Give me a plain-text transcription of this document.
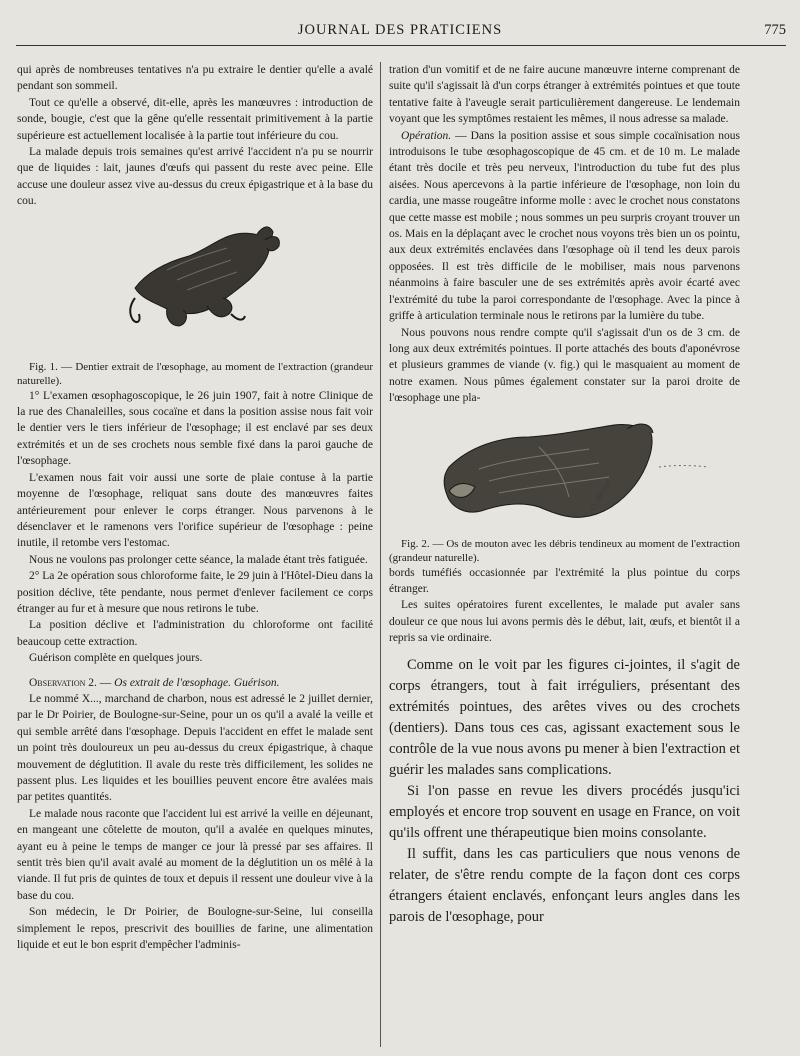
JOURNAL DES PRATICIENS	775

qui après de nombreuses tentatives n'a pu extraire le dentier qu'elle a avalé pendant son sommeil.

Tout ce qu'elle a observé, dit-elle, après les manœuvres : introduction de sonde, bougie, c'est que la gêne qu'elle ressentait primitivement à la partie supérieure est actuellement localisée à la partie tout inférieure du cou.

La malade depuis trois semaines qu'est arrivé l'accident n'a pu se nourrir que de liquides : lait, jaunes d'œufs qui passent du reste avec peine. Elle accuse une douleur assez vive au-dessus du creux épigastrique et à la base du cou.

Habiant

Fig. 1. — Dentier extrait de l'œsophage, au moment de l'extraction (grandeur naturelle).

1° L'examen œsophagoscopique, le 26 juin 1907, fait à notre Clinique de la rue des Chanaleilles, sous cocaïne et dans la position assise nous fait voir le dentier vers le tiers inférieur de l'œsophage; il est enclavé par ses deux extrémités et un de ses crochets nous semble fixé dans la paroi gauche de l'œsophage.

L'examen nous fait voir aussi une sorte de plaie contuse à la partie moyenne de l'œsophage, reliquat sans doute des manœuvres faites antérieurement pour enlever le corps étranger. Nous parvenons à le désenclaver et le ramenons vers l'orifice supérieur de l'œsophage : peine inutile, il retombe vers l'estomac.

Nous ne voulons pas prolonger cette séance, la malade étant très fatiguée.

2° La 2e opération sous chloroforme faite, le 29 juin à l'Hôtel-Dieu dans la position déclive, tête pendante, nous permet d'enlever facilement ce corps étranger au fur et à mesure que nous retirons le tube.

La position déclive et l'administration du chloroforme ont facilité beaucoup cette extraction.

Guérison complète en quelques jours.

Observation 2. — Os extrait de l'œsophage. Guérison.

Le nommé X..., marchand de charbon, nous est adressé le 2 juillet dernier, par le Dr Poirier, de Boulogne-sur-Seine, pour un os qu'il a avalé la veille et qui semble arrêté dans l'œsophage. Depuis l'accident en effet le malade sent un point très douloureux un peu au-dessus du creux épigastrique, à chaque mouvement de déglutition. Il avale du reste très difficilement, les solides ne passent plus. Les liquides et les bouillies peuvent encore être avalées mais par petites quantités.

Le malade nous raconte que l'accident lui est arrivé la veille en déjeunant, en mangeant une côtelette de mouton, qu'il a avalée en quelques minutes, ayant eu à peine le temps de manger ce jour là pressé par ses affaires. Il sentit très bien qu'il avait avalé au moment de la déglutition un os mêlé à la viande. Il fut pris de quintes de toux et depuis il ressent une douleur vive à la base du cou.

Son médecin, le Dr Poirier, de Boulogne-sur-Seine, lui conseilla simplement le repos, prescrivit des bouillies de farine, une alimentation liquide et eut le bon esprit d'empêcher l'adminis-

tration d'un vomitif et de ne faire aucune manœuvre interne comprenant de suite qu'il s'agissait là d'un corps étranger à extrémités pointues et que toute tentative faite à l'aveugle serait particulièrement dangereuse. Le lendemain voyant que les symptômes restaient les mêmes, il nous adresse sa malade.

Opération. — Dans la position assise et sous simple cocaïnisation nous introduisons le tube œsophagoscopique de 45 cm. et de 10 m. Le malade étant très docile et très peu nerveux, l'introduction du tube fut des plus aisées. Nous apercevons à la partie inférieure de l'œsophage, non loin du cardia, une masse rougeâtre informe molle : avec le crochet nous constatons que cette masse est mobile ; nous sommes un peu surpris croyant trouver un os. Mais en la déplaçant avec le crochet nous voyons très bien un os pointu, aux deux extrémités enclavées dans l'œsophage où il tend les deux parois opposées. Il est très difficile de le mobiliser, mais nous parvenons néanmoins à faire basculer une de ses extrémités après avoir écarté avec l'extrémité du tube la paroi correspondante de l'œsophage. Avec la pince à griffe à articulation terminale nous le retirons par la lumière du tube.

Nous pouvons nous rendre compte qu'il s'agissait d'un os de 3 cm. de long aux deux extrémités pointues. Il porte attachés des bouts d'aponévrose et plusieurs grammes de viande (v. fig.) qui le masquaient au moment de notre examen. Nous pûmes également constater sur la paroi droite de l'œsophage une pla-

D. Hérissé

Fig. 2. — Os de mouton avec les débris tendineux au moment de l'extraction (grandeur naturelle).

bords tuméfiés occasionnée par l'extrémité la plus pointue du corps étranger.

Les suites opératoires furent excellentes, le malade put avaler sans douleur ce que nous lui avons permis dès le début, lait, œufs, et bientôt il a repris sa vie ordinaire.

Comme on le voit par les figures ci-jointes, il s'agit de corps étrangers, tout à fait irréguliers, présentant des extrémités pointues, des arêtes vives ou des crochets (dentiers). Dans tous ces cas, agissant exactement sous le contrôle de la vue nous avons pu mener à bien l'extraction et guérir les malades sans complications.

Si l'on passe en revue les divers procédés jusqu'ici employés et encore trop souvent en usage en France, on voit qu'ils offrent une thérapeutique bien moins consolante.

Il suffit, dans les cas particuliers que nous venons de relater, de s'être rendu compte de la façon dont ces corps étrangers étaient enclavés, enfonçant leurs angles dans les parois de l'œsophage, pour
